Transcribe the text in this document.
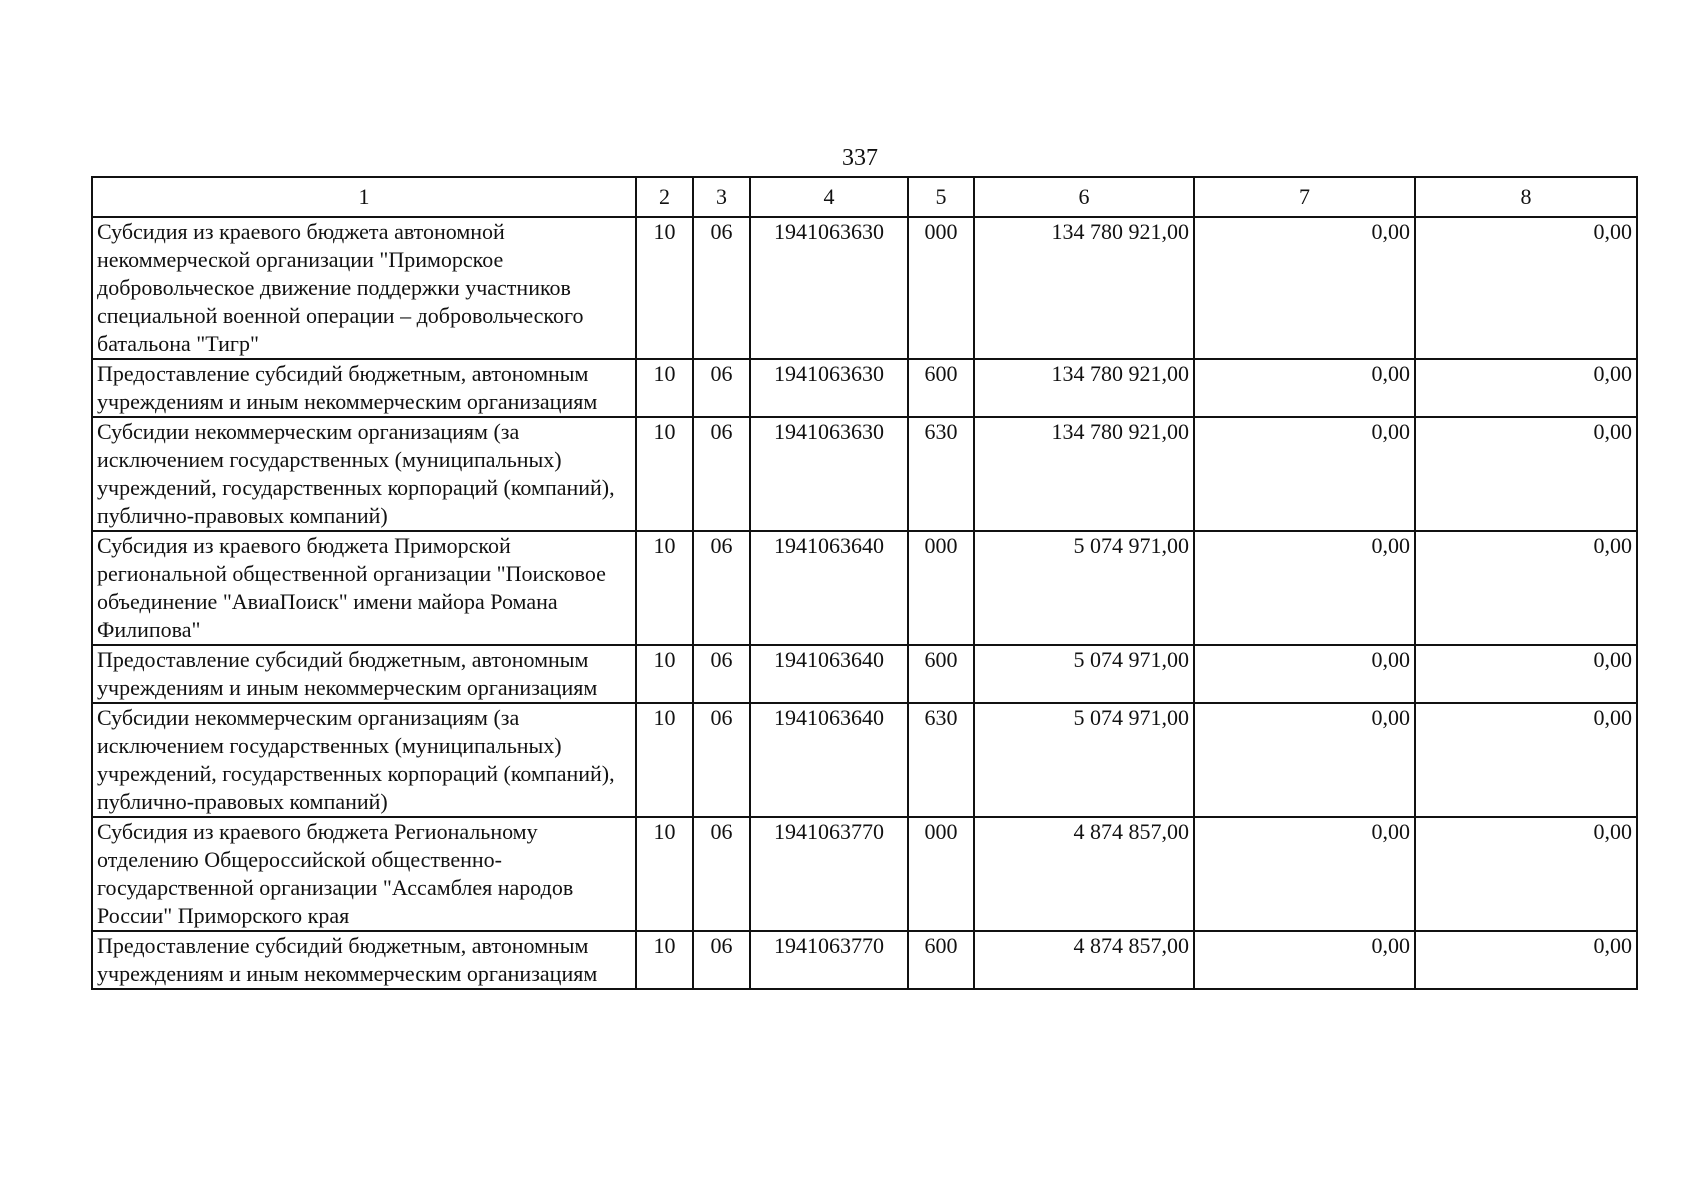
337
1	2	3	4	5	6	7	8
Субсидия из краевого бюджета автономной некоммерческой организации "Приморское добровольческое движение поддержки участников специальной военной операции – добровольческого батальона "Тигр"	10	06	1941063630	000	134 780 921,00	0,00	0,00
Предоставление субсидий бюджетным, автономным учреждениям и иным некоммерческим организациям	10	06	1941063630	600	134 780 921,00	0,00	0,00
Субсидии некоммерческим организациям (за исключением государственных (муниципальных) учреждений, государственных корпораций (компаний), публично-правовых компаний)	10	06	1941063630	630	134 780 921,00	0,00	0,00
Субсидия из краевого бюджета Приморской региональной общественной организации "Поисковое объединение "АвиаПоиск" имени майора Романа Филипова"	10	06	1941063640	000	5 074 971,00	0,00	0,00
Предоставление субсидий бюджетным, автономным учреждениям и иным некоммерческим организациям	10	06	1941063640	600	5 074 971,00	0,00	0,00
Субсидии некоммерческим организациям (за исключением государственных (муниципальных) учреждений, государственных корпораций (компаний), публично-правовых компаний)	10	06	1941063640	630	5 074 971,00	0,00	0,00
Субсидия из краевого бюджета Региональному отделению Общероссийской общественно-государственной организации "Ассамблея народов России" Приморского края	10	06	1941063770	000	4 874 857,00	0,00	0,00
Предоставление субсидий бюджетным, автономным учреждениям и иным некоммерческим организациям	10	06	1941063770	600	4 874 857,00	0,00	0,00
